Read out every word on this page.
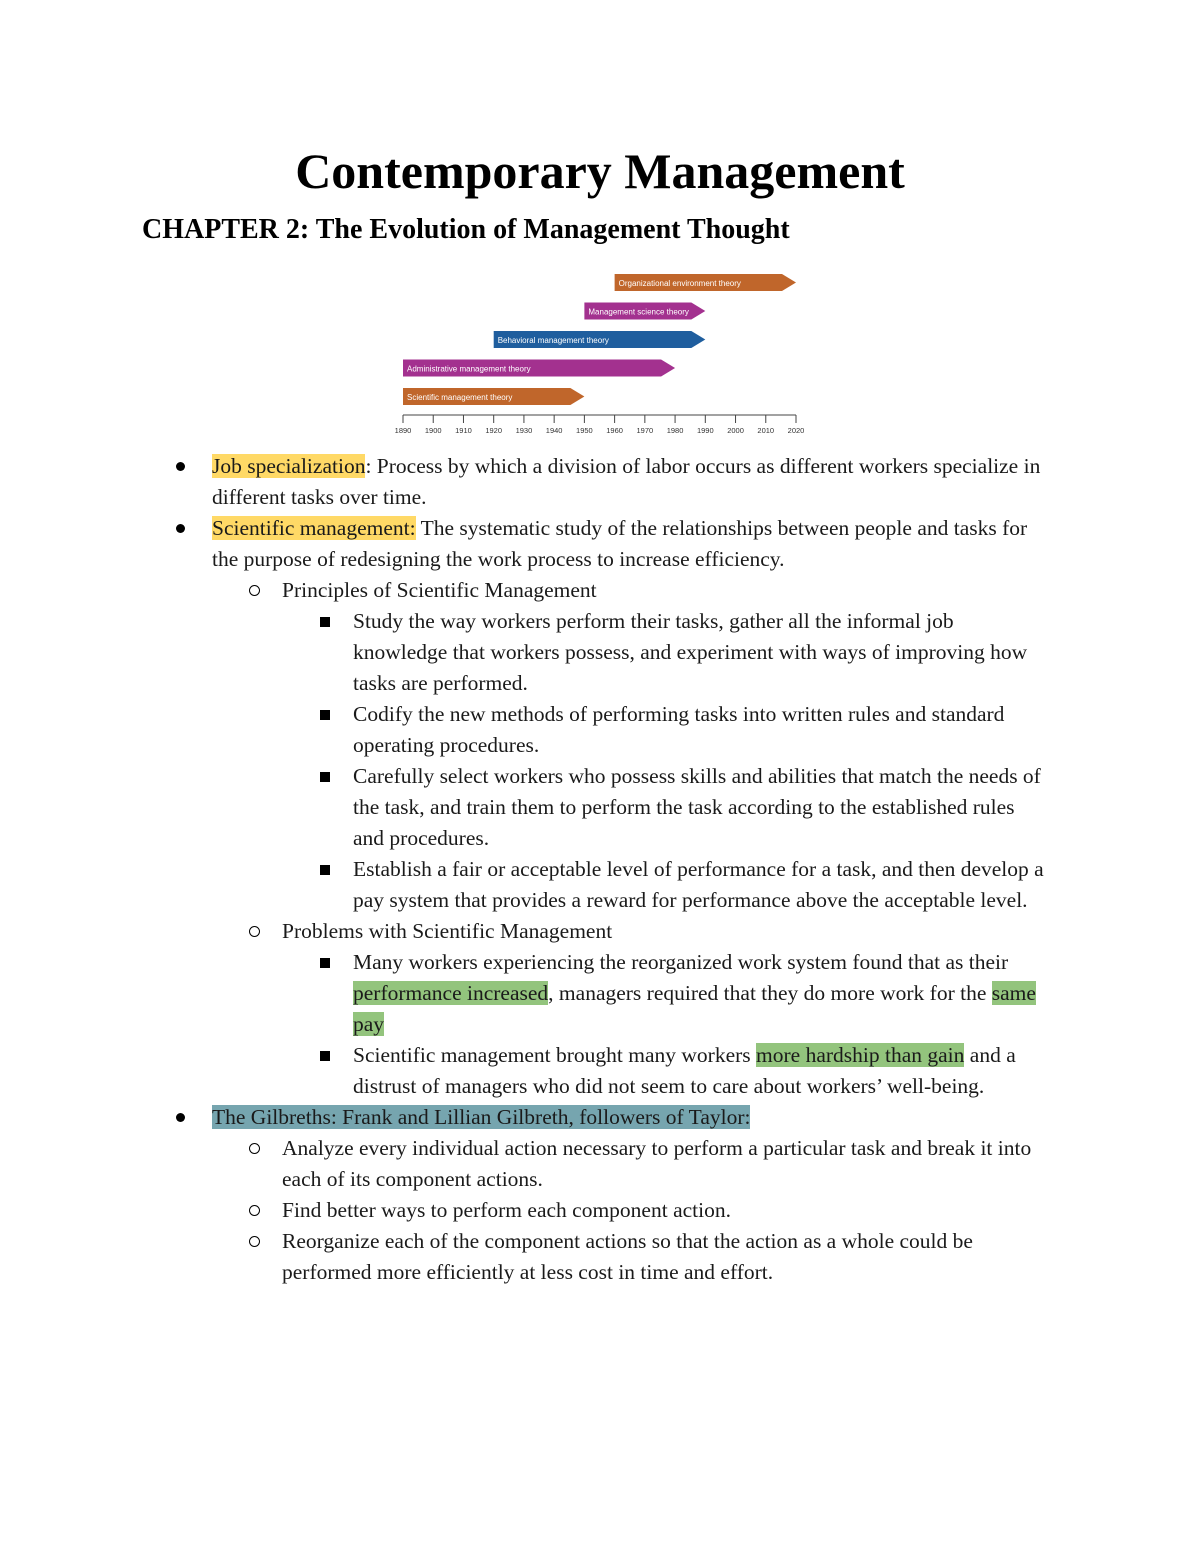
Contemporary Management
CHAPTER 2: The Evolution of Management Thought
Organizational environment theory
Management science theory
Behavioral management theory
Administrative management theory
Scientific management theory
1890 1900 1910 1920 1930 1940 1950 1960 1970 1980 1990 2000 2010 2020
Job specialization: Process by which a division of labor occurs as different workers specialize in different tasks over time.
Scientific management: The systematic study of the relationships between people and tasks for the purpose of redesigning the work process to increase efficiency.
Principles of Scientific Management
Study the way workers perform their tasks, gather all the informal job knowledge that workers possess, and experiment with ways of improving how tasks are performed.
Codify the new methods of performing tasks into written rules and standard operating procedures.
Carefully select workers who possess skills and abilities that match the needs of the task, and train them to perform the task according to the established rules and procedures.
Establish a fair or acceptable level of performance for a task, and then develop a pay system that provides a reward for performance above the acceptable level.
Problems with Scientific Management
Many workers experiencing the reorganized work system found that as their performance increased, managers required that they do more work for the same pay
Scientific management brought many workers more hardship than gain and a distrust of managers who did not seem to care about workers’ well-being.
The Gilbreths: Frank and Lillian Gilbreth, followers of Taylor:
Analyze every individual action necessary to perform a particular task and break it into each of its component actions.
Find better ways to perform each component action.
Reorganize each of the component actions so that the action as a whole could be performed more efficiently at less cost in time and effort.
